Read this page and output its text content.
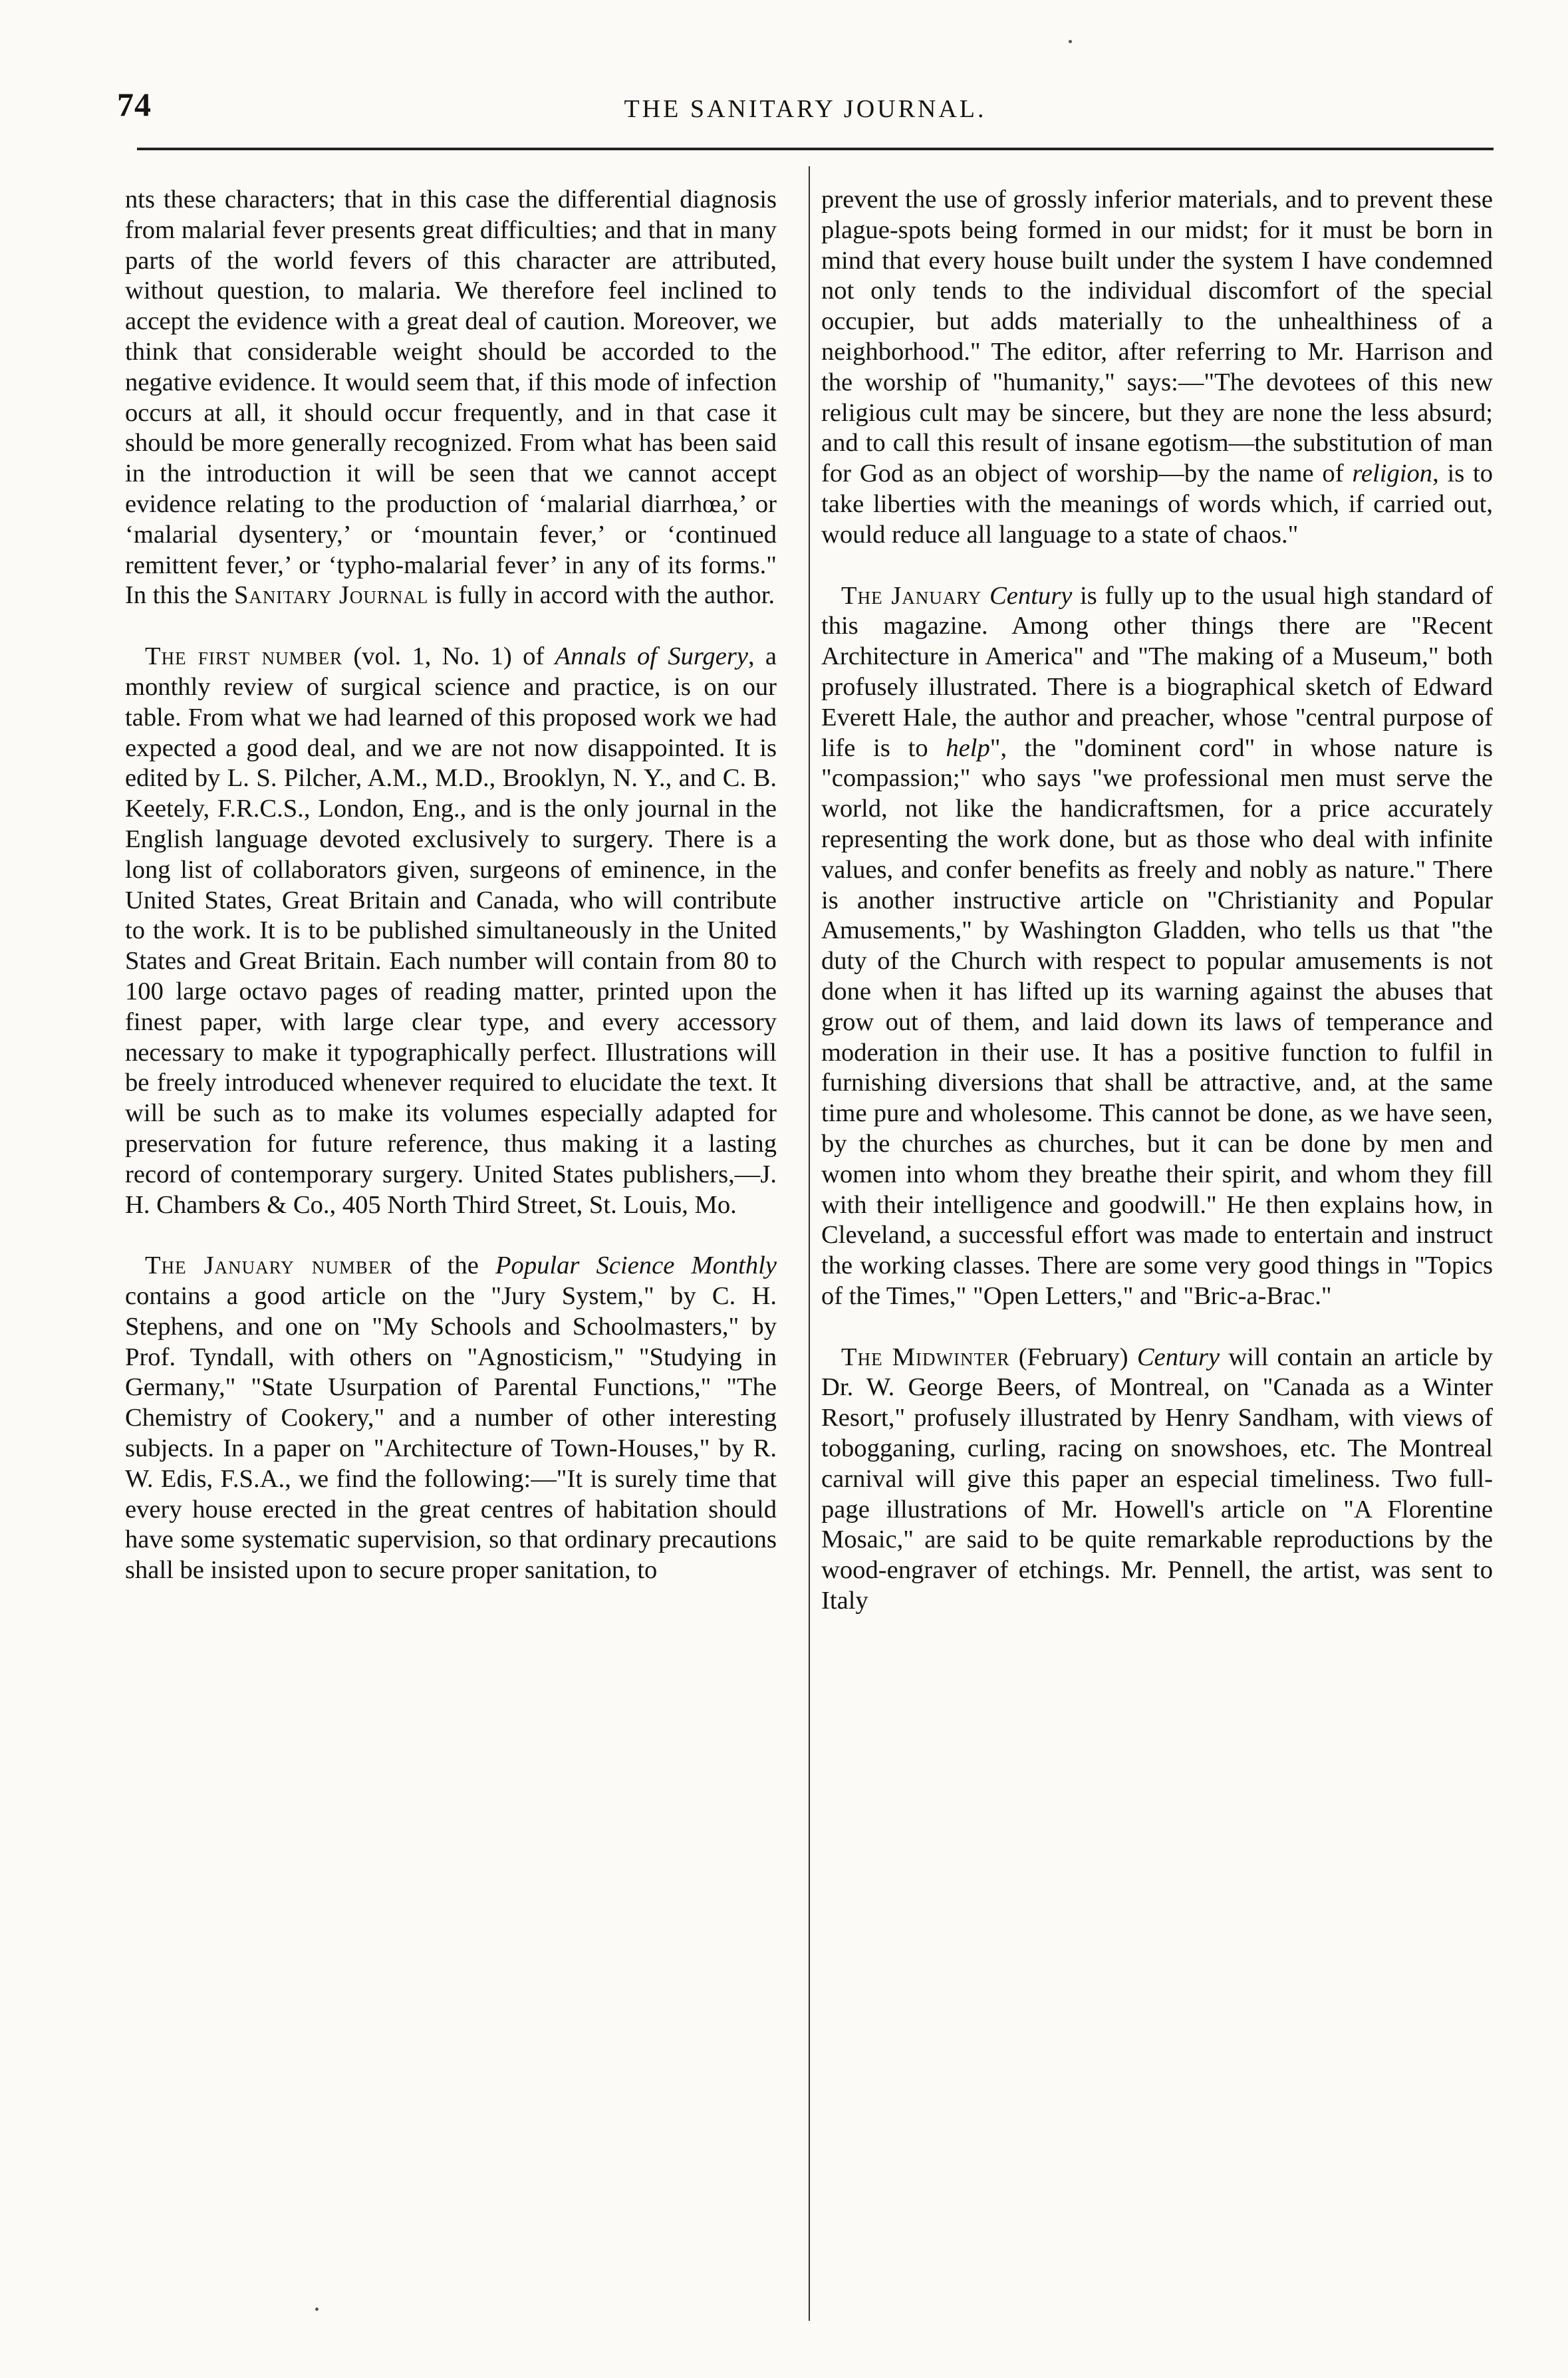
74	THE SANITARY JOURNAL.

nts these characters; that in this case the differential diagnosis from malarial fever presents great difficulties; and that in many parts of the world fevers of this character are attributed, without question, to malaria. We therefore feel inclined to accept the evidence with a great deal of caution. Moreover, we think that considerable weight should be accorded to the negative evidence. It would seem that, if this mode of infection occurs at all, it should occur frequently, and in that case it should be more generally recognized. From what has been said in the introduction it will be seen that we cannot accept evidence relating to the production of ‘malarial diarrhœa,’ or ‘malarial dysentery,’ or ‘mountain fever,’ or ‘continued remittent fever,’ or ‘typho-malarial fever’ in any of its forms." In this the Sanitary Journal is fully in accord with the author.

The first number (vol. 1, No. 1) of Annals of Surgery, a monthly review of surgical science and practice, is on our table. From what we had learned of this proposed work we had expected a good deal, and we are not now disappointed. It is edited by L. S. Pilcher, A.M., M.D., Brooklyn, N. Y., and C. B. Keetely, F.R.C.S., London, Eng., and is the only journal in the English language devoted exclusively to surgery. There is a long list of collaborators given, surgeons of eminence, in the United States, Great Britain and Canada, who will contribute to the work. It is to be published simultaneously in the United States and Great Britain. Each number will contain from 80 to 100 large octavo pages of reading matter, printed upon the finest paper, with large clear type, and every accessory necessary to make it typographically perfect. Illustrations will be freely introduced whenever required to elucidate the text. It will be such as to make its volumes especially adapted for preservation for future reference, thus making it a lasting record of contemporary surgery. United States publishers,—J. H. Chambers & Co., 405 North Third Street, St. Louis, Mo.

The January number of the Popular Science Monthly contains a good article on the "Jury System," by C. H. Stephens, and one on "My Schools and Schoolmasters," by Prof. Tyndall, with others on "Agnosticism," "Studying in Germany," "State Usurpation of Parental Functions," "The Chemistry of Cookery," and a number of other interesting subjects. In a paper on "Architecture of Town-Houses," by R. W. Edis, F.S.A., we find the following:—"It is surely time that every house erected in the great centres of habitation should have some systematic supervision, so that ordinary precautions shall be insisted upon to secure proper sanitation, to

prevent the use of grossly inferior materials, and to prevent these plague-spots being formed in our midst; for it must be born in mind that every house built under the system I have condemned not only tends to the individual discomfort of the special occupier, but adds materially to the unhealthiness of a neighborhood." The editor, after referring to Mr. Harrison and the worship of "humanity," says:—"The devotees of this new religious cult may be sincere, but they are none the less absurd; and to call this result of insane egotism—the substitution of man for God as an object of worship—by the name of religion, is to take liberties with the meanings of words which, if carried out, would reduce all language to a state of chaos."

The January Century is fully up to the usual high standard of this magazine. Among other things there are "Recent Architecture in America" and "The making of a Museum," both profusely illustrated. There is a biographical sketch of Edward Everett Hale, the author and preacher, whose "central purpose of life is to help", the "dominent cord" in whose nature is "compassion;" who says "we professional men must serve the world, not like the handicraftsmen, for a price accurately representing the work done, but as those who deal with infinite values, and confer benefits as freely and nobly as nature." There is another instructive article on "Christianity and Popular Amusements," by Washington Gladden, who tells us that "the duty of the Church with respect to popular amusements is not done when it has lifted up its warning against the abuses that grow out of them, and laid down its laws of temperance and moderation in their use. It has a positive function to fulfil in furnishing diversions that shall be attractive, and, at the same time pure and wholesome. This cannot be done, as we have seen, by the churches as churches, but it can be done by men and women into whom they breathe their spirit, and whom they fill with their intelligence and goodwill." He then explains how, in Cleveland, a successful effort was made to entertain and instruct the working classes. There are some very good things in "Topics of the Times," "Open Letters," and "Bric-a-Brac."

The Midwinter (February) Century will contain an article by Dr. W. George Beers, of Montreal, on "Canada as a Winter Resort," profusely illustrated by Henry Sandham, with views of tobogganing, curling, racing on snowshoes, etc. The Montreal carnival will give this paper an especial timeliness. Two full-page illustrations of Mr. Howell's article on "A Florentine Mosaic," are said to be quite remarkable reproductions by the wood-engraver of etchings. Mr. Pennell, the artist, was sent to Italy
